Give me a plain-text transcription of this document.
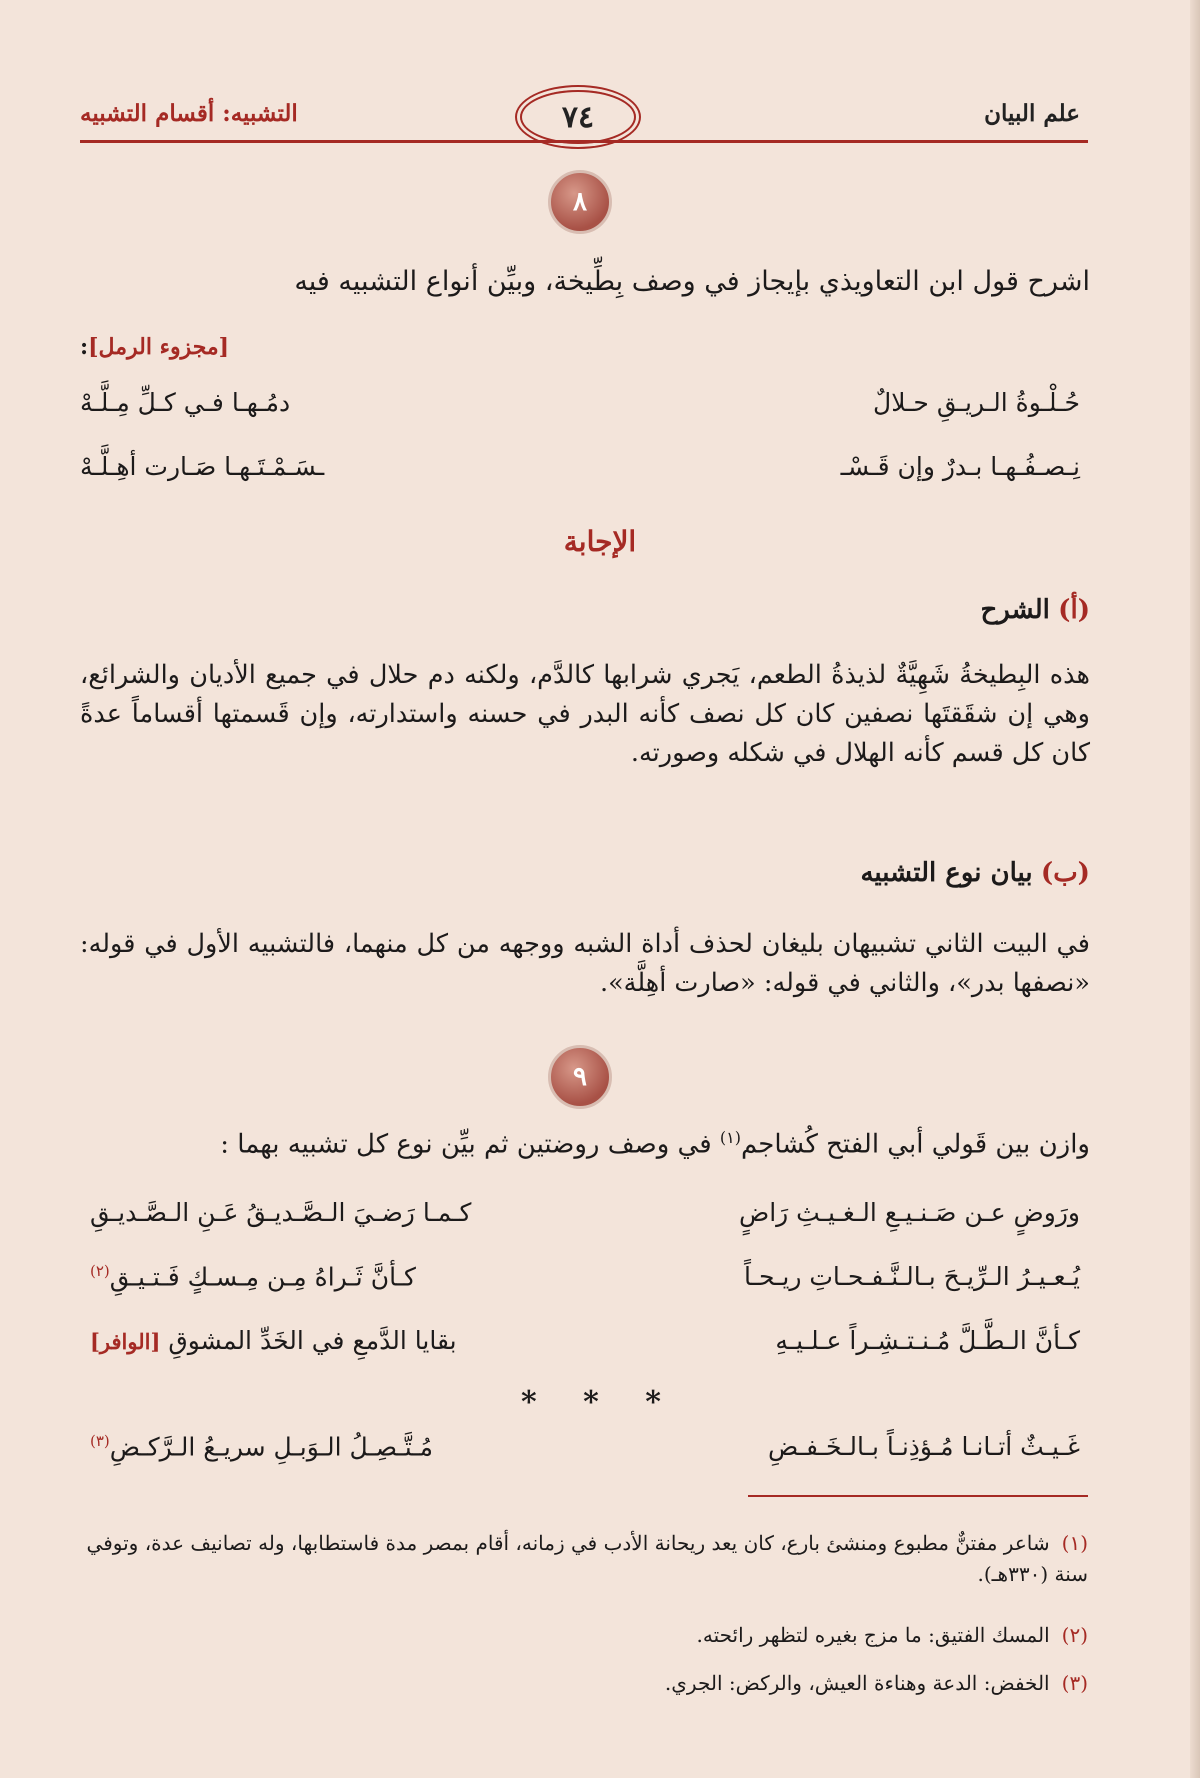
علم البيان
٧٤
التشبيه: أقسام التشبيه
٨
اشرح قول ابن التعاويذي بإيجاز في وصف بِطِّيخة، وبيِّن أنواع التشبيه فيه
[مجزوء الرمل]:
حُـلْـوةُ الـريـقِ حـلالٌ
دمُـهـا فـي كـلِّ مِـلَّـهْ
نِـصـفُـهـا بـدرٌ وإن قَـسْـ
ـسَـمْـتَـهـا صَـارت أهِـلَّـهْ
الإجابة
(أ) الشرح
هذه البِطيخةُ شَهِيَّةٌ لذيذةُ الطعم، يَجري شرابها كالدَّم، ولكنه دم حلال في جميع الأديان والشرائع، وهي إن شقَقتَها نصفين كان كل نصف كأنه البدر في حسنه واستدارته، وإن قَسمتها أقساماً عدةً كان كل قسم كأنه الهلال في شكله وصورته.
(ب) بيان نوع التشبيه
في البيت الثاني تشبيهان بليغان لحذف أداة الشبه ووجهه من كل منهما، فالتشبيه الأول في قوله: «نصفها بدر»، والثاني في قوله: «صارت أهِلَّة».
٩
وازن بين قَولي أبي الفتح كُشاجم$^{(١)}$ في وصف روضتين ثم بيِّن نوع كل تشبيه بهما :
ورَوضٍ عـن صَـنـيـعِ الـغـيـثِ رَاضٍ
كـمـا رَضـيَ الـصَّـديـقُ عَـنِ الـصَّـديـقِ
يُـعـيـرُ الـرِّيـحَ بـالـنَّـفـحـاتِ ريـحـاً
كـأنَّ ثَـراهُ مِـن مِـسـكٍ فَـتـيـقِ$^{(٢)}$
كـأنَّ الـطَّـلَّ مُـنـتـشِـراً عـلـيـهِ
بقايا الدَّمعِ في الخَدِّ المشوقِ [الوافر]
* * *
غَـيـثٌ أتـانـا مُـؤذِنـاً بـالـخَـفـضِ
مُـتَّـصِـلُ الـوَبـلِ سريـعُ الـرَّكـضِ$^{(٣)}$
(١)شاعر مفتنٌّ مطبوع ومنشئ بارع، كان يعد ريحانة الأدب في زمانه، أقام بمصر مدة فاستطابها، وله تصانيف عدة، وتوفي سنة (٣٣٠هـ).
(٢)المسك الفتيق: ما مزج بغيره لتظهر رائحته.
(٣)الخفض: الدعة وهناءة العيش، والركض: الجري.
